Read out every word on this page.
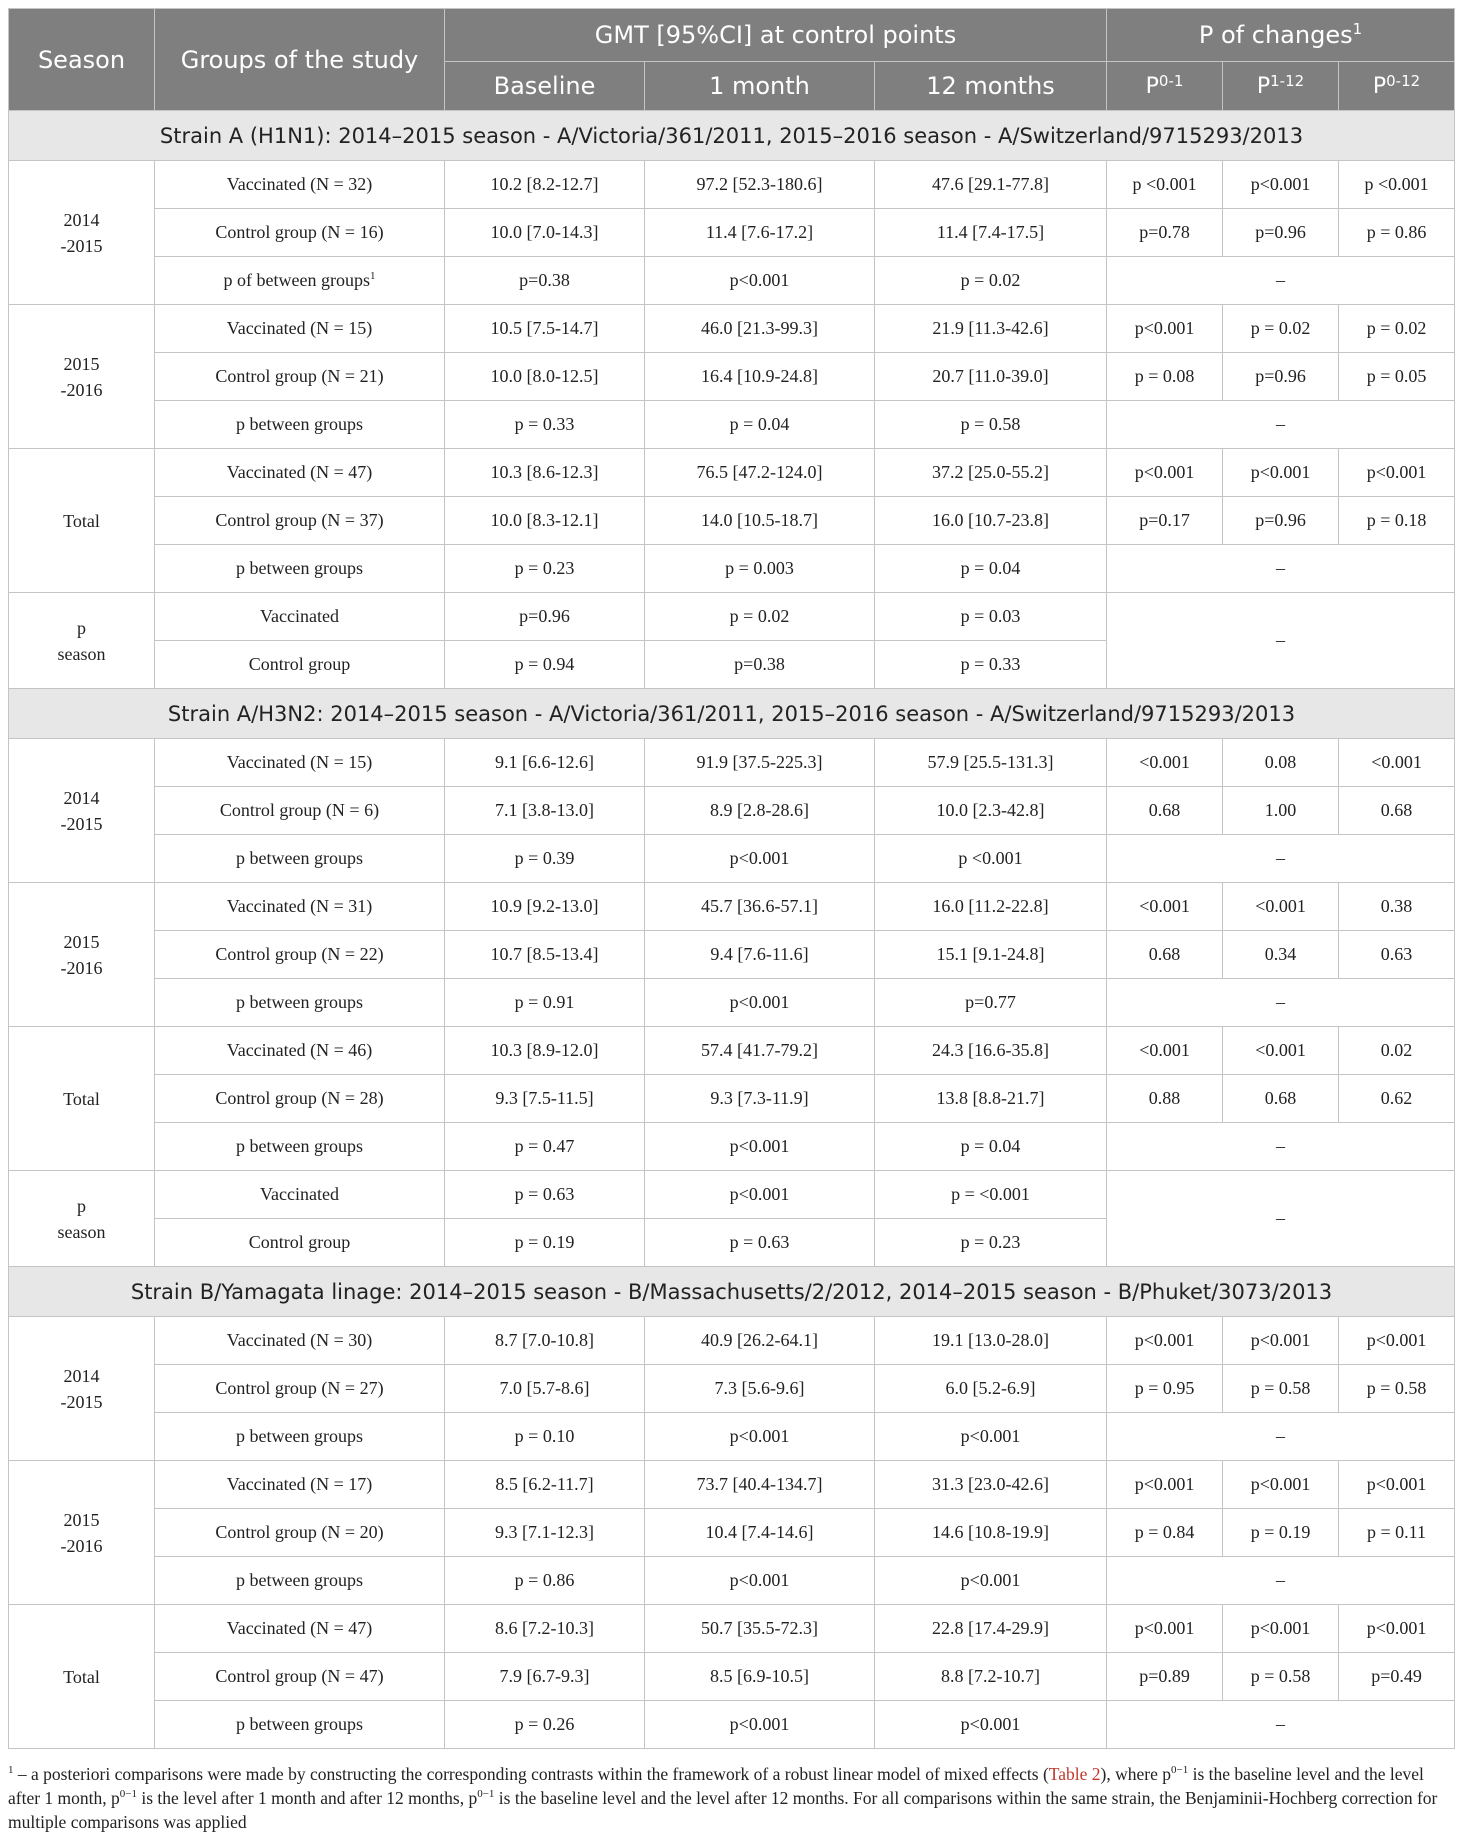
Season	Groups of the study	GMT [95%CI] at control points			P of changes$^1$
		Baseline	1 month	12 months	$P^{0-1}$	$P^{1-12}$	$P^{0-12}$
Strain A (H1N1): 2014–2015 season - A/Victoria/361/2011, 2015–2016 season - A/Switzerland/9715293/2013							
2014
-2015	Vaccinated (N = 32)	10.2 [8.2-12.7]	97.2 [52.3-180.6]	47.6 [29.1-77.8]	p <0.001	p<0.001	p <0.001
	Control group (N = 16)	10.0 [7.0-14.3]	11.4 [7.6-17.2]	11.4 [7.4-17.5]	p=0.78	p=0.96	p = 0.86
	p of between groups$^1$	p=0.38	p<0.001	p = 0.02	–		
2015
-2016	Vaccinated (N = 15)	10.5 [7.5-14.7]	46.0 [21.3-99.3]	21.9 [11.3-42.6]	p<0.001	p = 0.02	p = 0.02
	Control group (N = 21)	10.0 [8.0-12.5]	16.4 [10.9-24.8]	20.7 [11.0-39.0]	p = 0.08	p=0.96	p = 0.05
	p between groups	p = 0.33	p = 0.04	p = 0.58	–		
Total	Vaccinated (N = 47)	10.3 [8.6-12.3]	76.5 [47.2-124.0]	37.2 [25.0-55.2]	p<0.001	p<0.001	p<0.001
	Control group (N = 37)	10.0 [8.3-12.1]	14.0 [10.5-18.7]	16.0 [10.7-23.8]	p=0.17	p=0.96	p = 0.18
	p between groups	p = 0.23	p = 0.003	p = 0.04	–		
p
season	Vaccinated	p=0.96	p = 0.02	p = 0.03	–		
	Control group	p = 0.94	p=0.38	p = 0.33			
Strain A/H3N2: 2014–2015 season - A/Victoria/361/2011, 2015–2016 season - A/Switzerland/9715293/2013							
2014
-2015	Vaccinated (N = 15)	9.1 [6.6-12.6]	91.9 [37.5-225.3]	57.9 [25.5-131.3]	<0.001	0.08	<0.001
	Control group (N = 6)	7.1 [3.8-13.0]	8.9 [2.8-28.6]	10.0 [2.3-42.8]	0.68	1.00	0.68
	p between groups	p = 0.39	p<0.001	p <0.001	–		
2015
-2016	Vaccinated (N = 31)	10.9 [9.2-13.0]	45.7 [36.6-57.1]	16.0 [11.2-22.8]	<0.001	<0.001	0.38
	Control group (N = 22)	10.7 [8.5-13.4]	9.4 [7.6-11.6]	15.1 [9.1-24.8]	0.68	0.34	0.63
	p between groups	p = 0.91	p<0.001	p=0.77	–		
Total	Vaccinated (N = 46)	10.3 [8.9-12.0]	57.4 [41.7-79.2]	24.3 [16.6-35.8]	<0.001	<0.001	0.02
	Control group (N = 28)	9.3 [7.5-11.5]	9.3 [7.3-11.9]	13.8 [8.8-21.7]	0.88	0.68	0.62
	p between groups	p = 0.47	p<0.001	p = 0.04	–		
p
season	Vaccinated	p = 0.63	p<0.001	p = <0.001	–		
	Control group	p = 0.19	p = 0.63	p = 0.23			
Strain B/Yamagata linage: 2014–2015 season - B/Massachusetts/2/2012, 2014–2015 season - B/Phuket/3073/2013							
2014
-2015	Vaccinated (N = 30)	8.7 [7.0-10.8]	40.9 [26.2-64.1]	19.1 [13.0-28.0]	p<0.001	p<0.001	p<0.001
	Control group (N = 27)	7.0 [5.7-8.6]	7.3 [5.6-9.6]	6.0 [5.2-6.9]	p = 0.95	p = 0.58	p = 0.58
	p between groups	p = 0.10	p<0.001	p<0.001	–		
2015
-2016	Vaccinated (N = 17)	8.5 [6.2-11.7]	73.7 [40.4-134.7]	31.3 [23.0-42.6]	p<0.001	p<0.001	p<0.001
	Control group (N = 20)	9.3 [7.1-12.3]	10.4 [7.4-14.6]	14.6 [10.8-19.9]	p = 0.84	p = 0.19	p = 0.11
	p between groups	p = 0.86	p<0.001	p<0.001	–		
Total	Vaccinated (N = 47)	8.6 [7.2-10.3]	50.7 [35.5-72.3]	22.8 [17.4-29.9]	p<0.001	p<0.001	p<0.001
	Control group (N = 47)	7.9 [6.7-9.3]	8.5 [6.9-10.5]	8.8 [7.2-10.7]	p=0.89	p = 0.58	p=0.49
	p between groups	p = 0.26	p<0.001	p<0.001	–		
$^1$ – a posteriori comparisons were made by constructing the corresponding contrasts within the framework of a robust linear model of mixed effects (Table 2), where $p^{0-1}$ is the baseline level and the level after 1 month, $p^{0-1}$ is the level after 1 month and after 12 months, $p^{0-1}$ is the baseline level and the level after 12 months. For all comparisons within the same strain, the Benjaminii-Hochberg correction for multiple comparisons was applied
